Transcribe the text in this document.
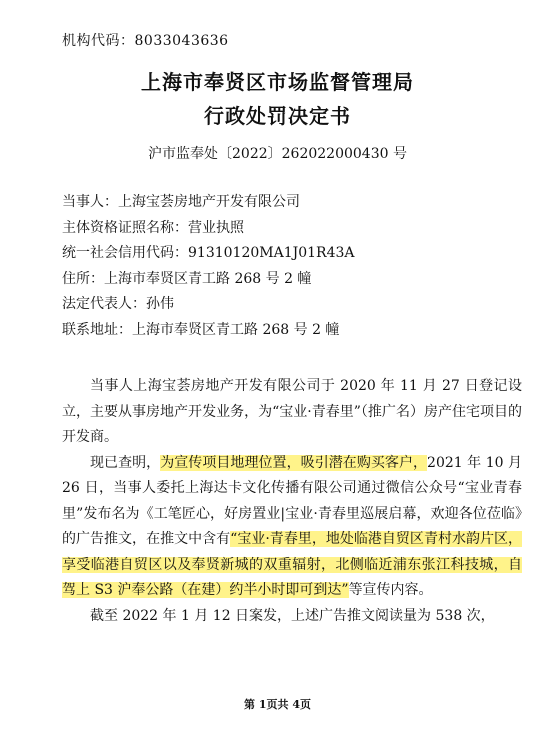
机构代码：8033043636
上海市奉贤区市场监督管理局
行政处罚决定书
沪市监奉处〔2022〕262022000430 号
当事人：上海宝荟房地产开发有限公司
主体资格证照名称：营业执照
统一社会信用代码：91310120MA1J01R43A
住所：上海市奉贤区青工路 268 号 2 幢
法定代表人：孙伟
联系地址：上海市奉贤区青工路 268 号 2 幢

当事人上海宝荟房地产开发有限公司于 2020 年 11 月 27 日登记设立，主要从事房地产开发业务，为“宝业·青春里”（推广名）房产住宅项目的开发商。

现已查明，为宣传项目地理位置，吸引潜在购买客户，2021 年 10 月 26 日，当事人委托上海达卡文化传播有限公司通过微信公众号“宝业青春里”发布名为《工笔匠心，好房置业|宝业·青春里巡展启幕，欢迎各位莅临》的广告推文，在推文中含有“宝业·青春里，地处临港自贸区青村水韵片区，享受临港自贸区以及奉贤新城的双重辐射，北侧临近浦东张江科技城，自驾上 S3 沪奉公路（在建）约半小时即可到达”等宣传内容。

截至 2022 年 1 月 12 日案发，上述广告推文阅读量为 538 次，

第 1页共 4页
